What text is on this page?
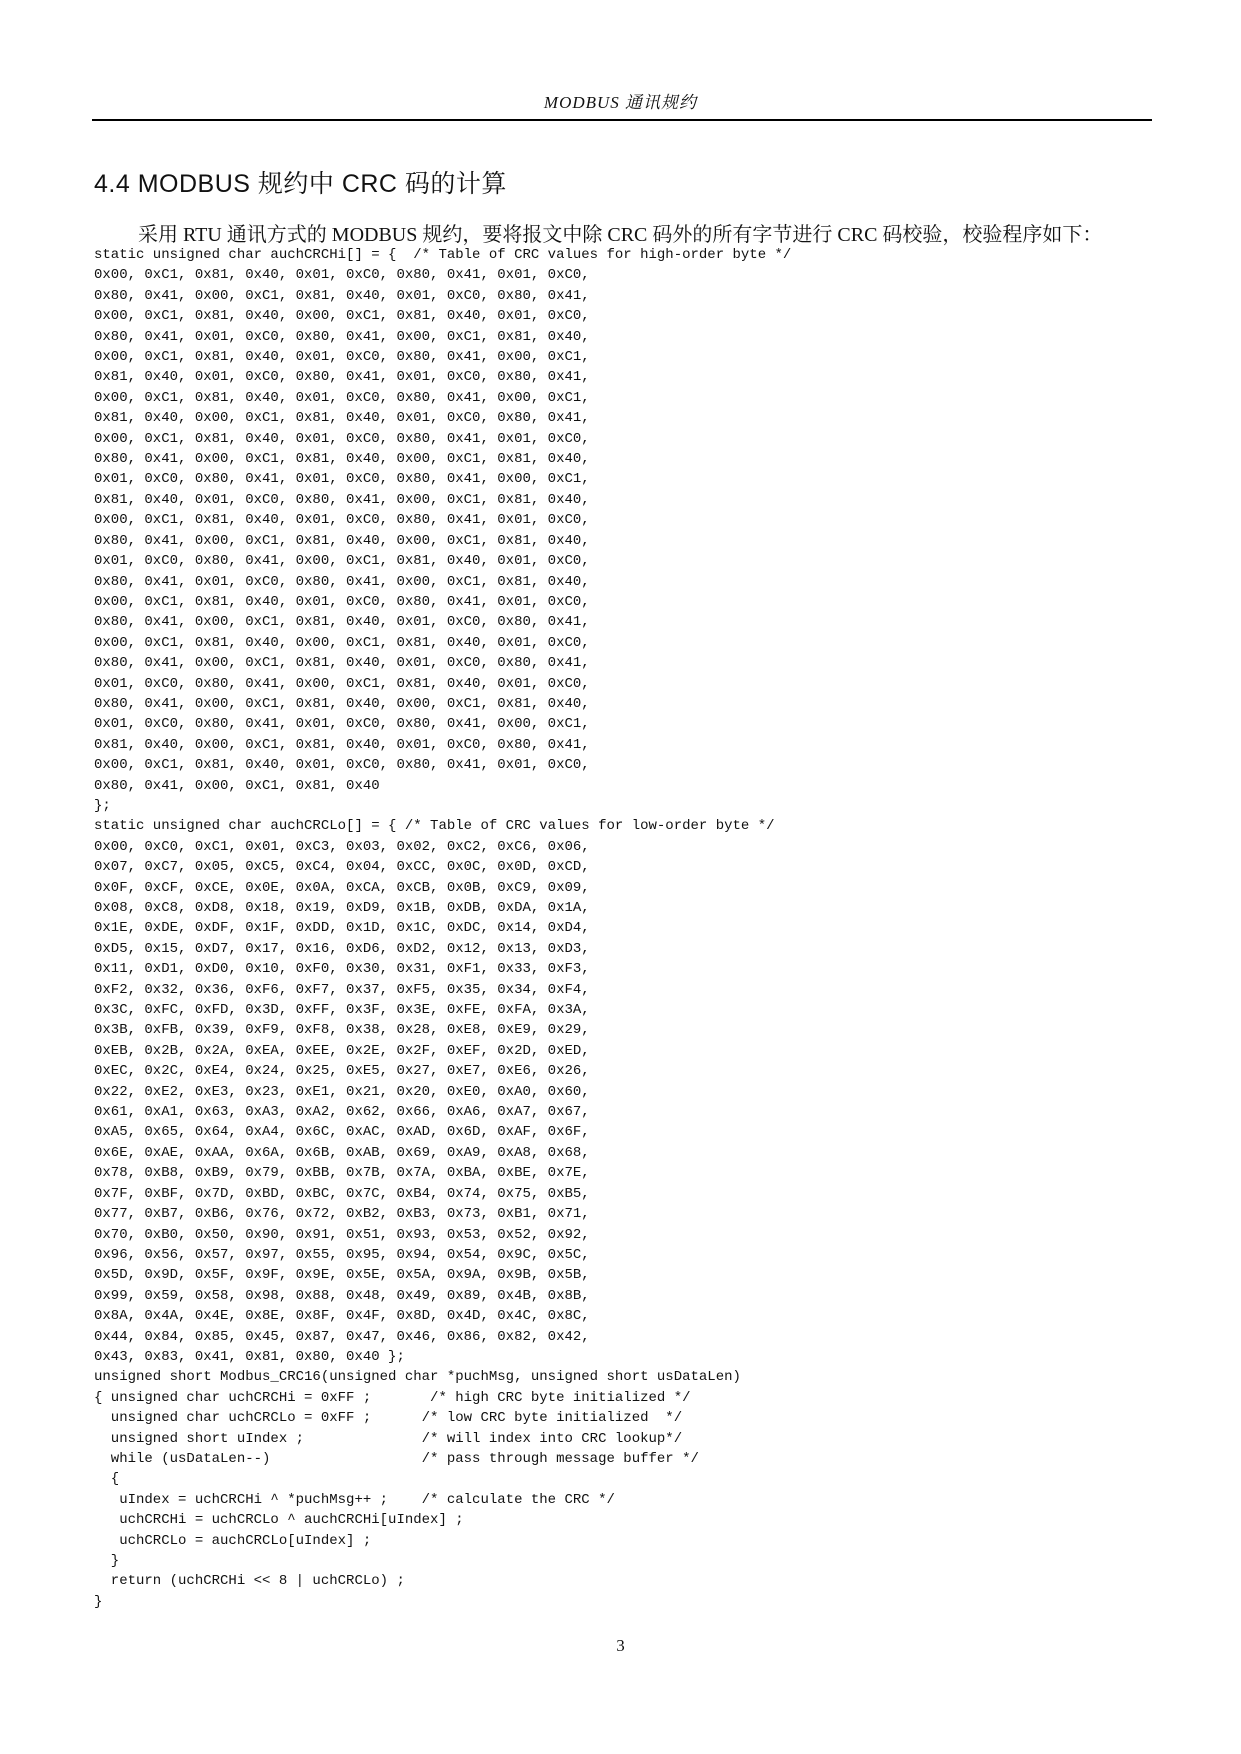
MODBUS 通讯规约
4.4 MODBUS 规约中 CRC 码的计算
采用 RTU 通讯方式的 MODBUS 规约，要将报文中除 CRC 码外的所有字节进行 CRC 码校验，校验程序如下：
static unsigned char auchCRCHi[] = {  /* Table of CRC values for high-order byte */
0x00, 0xC1, 0x81, 0x40, 0x01, 0xC0, 0x80, 0x41, 0x01, 0xC0,
0x80, 0x41, 0x00, 0xC1, 0x81, 0x40, 0x01, 0xC0, 0x80, 0x41,
0x00, 0xC1, 0x81, 0x40, 0x00, 0xC1, 0x81, 0x40, 0x01, 0xC0,
0x80, 0x41, 0x01, 0xC0, 0x80, 0x41, 0x00, 0xC1, 0x81, 0x40,
0x00, 0xC1, 0x81, 0x40, 0x01, 0xC0, 0x80, 0x41, 0x00, 0xC1,
0x81, 0x40, 0x01, 0xC0, 0x80, 0x41, 0x01, 0xC0, 0x80, 0x41,
0x00, 0xC1, 0x81, 0x40, 0x01, 0xC0, 0x80, 0x41, 0x00, 0xC1,
0x81, 0x40, 0x00, 0xC1, 0x81, 0x40, 0x01, 0xC0, 0x80, 0x41,
0x00, 0xC1, 0x81, 0x40, 0x01, 0xC0, 0x80, 0x41, 0x01, 0xC0,
0x80, 0x41, 0x00, 0xC1, 0x81, 0x40, 0x00, 0xC1, 0x81, 0x40,
0x01, 0xC0, 0x80, 0x41, 0x01, 0xC0, 0x80, 0x41, 0x00, 0xC1,
0x81, 0x40, 0x01, 0xC0, 0x80, 0x41, 0x00, 0xC1, 0x81, 0x40,
0x00, 0xC1, 0x81, 0x40, 0x01, 0xC0, 0x80, 0x41, 0x01, 0xC0,
0x80, 0x41, 0x00, 0xC1, 0x81, 0x40, 0x00, 0xC1, 0x81, 0x40,
0x01, 0xC0, 0x80, 0x41, 0x00, 0xC1, 0x81, 0x40, 0x01, 0xC0,
0x80, 0x41, 0x01, 0xC0, 0x80, 0x41, 0x00, 0xC1, 0x81, 0x40,
0x00, 0xC1, 0x81, 0x40, 0x01, 0xC0, 0x80, 0x41, 0x01, 0xC0,
0x80, 0x41, 0x00, 0xC1, 0x81, 0x40, 0x01, 0xC0, 0x80, 0x41,
0x00, 0xC1, 0x81, 0x40, 0x00, 0xC1, 0x81, 0x40, 0x01, 0xC0,
0x80, 0x41, 0x00, 0xC1, 0x81, 0x40, 0x01, 0xC0, 0x80, 0x41,
0x01, 0xC0, 0x80, 0x41, 0x00, 0xC1, 0x81, 0x40, 0x01, 0xC0,
0x80, 0x41, 0x00, 0xC1, 0x81, 0x40, 0x00, 0xC1, 0x81, 0x40,
0x01, 0xC0, 0x80, 0x41, 0x01, 0xC0, 0x80, 0x41, 0x00, 0xC1,
0x81, 0x40, 0x00, 0xC1, 0x81, 0x40, 0x01, 0xC0, 0x80, 0x41,
0x00, 0xC1, 0x81, 0x40, 0x01, 0xC0, 0x80, 0x41, 0x01, 0xC0,
0x80, 0x41, 0x00, 0xC1, 0x81, 0x40
};
static unsigned char auchCRCLo[] = { /* Table of CRC values for low-order byte */
0x00, 0xC0, 0xC1, 0x01, 0xC3, 0x03, 0x02, 0xC2, 0xC6, 0x06,
0x07, 0xC7, 0x05, 0xC5, 0xC4, 0x04, 0xCC, 0x0C, 0x0D, 0xCD,
0x0F, 0xCF, 0xCE, 0x0E, 0x0A, 0xCA, 0xCB, 0x0B, 0xC9, 0x09,
0x08, 0xC8, 0xD8, 0x18, 0x19, 0xD9, 0x1B, 0xDB, 0xDA, 0x1A,
0x1E, 0xDE, 0xDF, 0x1F, 0xDD, 0x1D, 0x1C, 0xDC, 0x14, 0xD4,
0xD5, 0x15, 0xD7, 0x17, 0x16, 0xD6, 0xD2, 0x12, 0x13, 0xD3,
0x11, 0xD1, 0xD0, 0x10, 0xF0, 0x30, 0x31, 0xF1, 0x33, 0xF3,
0xF2, 0x32, 0x36, 0xF6, 0xF7, 0x37, 0xF5, 0x35, 0x34, 0xF4,
0x3C, 0xFC, 0xFD, 0x3D, 0xFF, 0x3F, 0x3E, 0xFE, 0xFA, 0x3A,
0x3B, 0xFB, 0x39, 0xF9, 0xF8, 0x38, 0x28, 0xE8, 0xE9, 0x29,
0xEB, 0x2B, 0x2A, 0xEA, 0xEE, 0x2E, 0x2F, 0xEF, 0x2D, 0xED,
0xEC, 0x2C, 0xE4, 0x24, 0x25, 0xE5, 0x27, 0xE7, 0xE6, 0x26,
0x22, 0xE2, 0xE3, 0x23, 0xE1, 0x21, 0x20, 0xE0, 0xA0, 0x60,
0x61, 0xA1, 0x63, 0xA3, 0xA2, 0x62, 0x66, 0xA6, 0xA7, 0x67,
0xA5, 0x65, 0x64, 0xA4, 0x6C, 0xAC, 0xAD, 0x6D, 0xAF, 0x6F,
0x6E, 0xAE, 0xAA, 0x6A, 0x6B, 0xAB, 0x69, 0xA9, 0xA8, 0x68,
0x78, 0xB8, 0xB9, 0x79, 0xBB, 0x7B, 0x7A, 0xBA, 0xBE, 0x7E,
0x7F, 0xBF, 0x7D, 0xBD, 0xBC, 0x7C, 0xB4, 0x74, 0x75, 0xB5,
0x77, 0xB7, 0xB6, 0x76, 0x72, 0xB2, 0xB3, 0x73, 0xB1, 0x71,
0x70, 0xB0, 0x50, 0x90, 0x91, 0x51, 0x93, 0x53, 0x52, 0x92,
0x96, 0x56, 0x57, 0x97, 0x55, 0x95, 0x94, 0x54, 0x9C, 0x5C,
0x5D, 0x9D, 0x5F, 0x9F, 0x9E, 0x5E, 0x5A, 0x9A, 0x9B, 0x5B,
0x99, 0x59, 0x58, 0x98, 0x88, 0x48, 0x49, 0x89, 0x4B, 0x8B,
0x8A, 0x4A, 0x4E, 0x8E, 0x8F, 0x4F, 0x8D, 0x4D, 0x4C, 0x8C,
0x44, 0x84, 0x85, 0x45, 0x87, 0x47, 0x46, 0x86, 0x82, 0x42,
0x43, 0x83, 0x41, 0x81, 0x80, 0x40 };
unsigned short Modbus_CRC16(unsigned char *puchMsg, unsigned short usDataLen)
{ unsigned char uchCRCHi = 0xFF ;       /* high CRC byte initialized */
unsigned char uchCRCLo = 0xFF ;      /* low CRC byte initialized  */
unsigned short uIndex ;              /* will index into CRC lookup*/
while (usDataLen--)                  /* pass through message buffer */
{
uIndex = uchCRCHi ^ *puchMsg++ ;    /* calculate the CRC */
uchCRCHi = uchCRCLo ^ auchCRCHi[uIndex] ;
uchCRCLo = auchCRCLo[uIndex] ;
}
return (uchCRCHi << 8 | uchCRCLo) ;
}
3
